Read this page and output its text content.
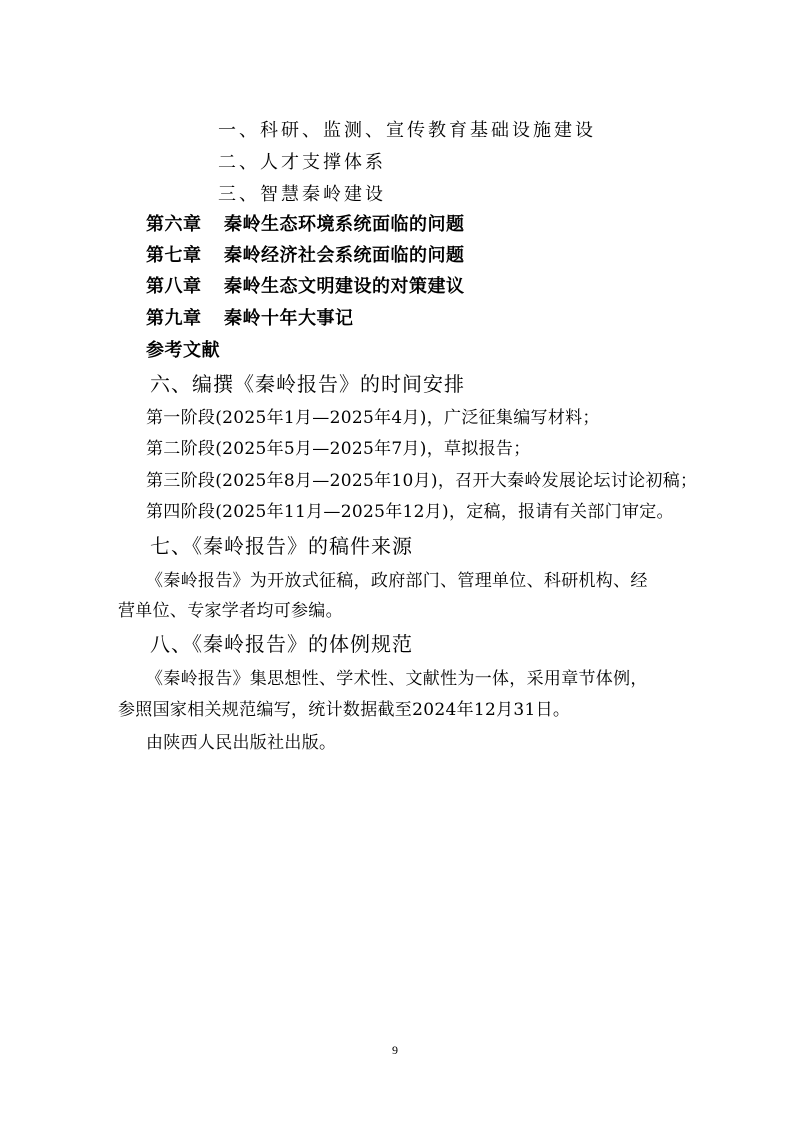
一、科研、监测、宣传教育基础设施建设
二、人才支撑体系
三、智慧秦岭建设
第六章 秦岭生态环境系统面临的问题
第七章 秦岭经济社会系统面临的问题
第八章 秦岭生态文明建设的对策建议
第九章 秦岭十年大事记
参考文献
六、编撰《秦岭报告》的时间安排
第一阶段(2025年1月—2025年4月)，广泛征集编写材料；
第二阶段(2025年5月—2025年7月)，草拟报告；
第三阶段(2025年8月—2025年10月)，召开大秦岭发展论坛讨论初稿；
第四阶段(2025年11月—2025年12月)，定稿，报请有关部门审定。
七、《秦岭报告》的稿件来源
《秦岭报告》为开放式征稿，政府部门、管理单位、科研机构、经
营单位、专家学者均可参编。
八、《秦岭报告》的体例规范
《秦岭报告》集思想性、学术性、文献性为一体，采用章节体例，
参照国家相关规范编写，统计数据截至2024年12月31日。
由陕西人民出版社出版。
9
